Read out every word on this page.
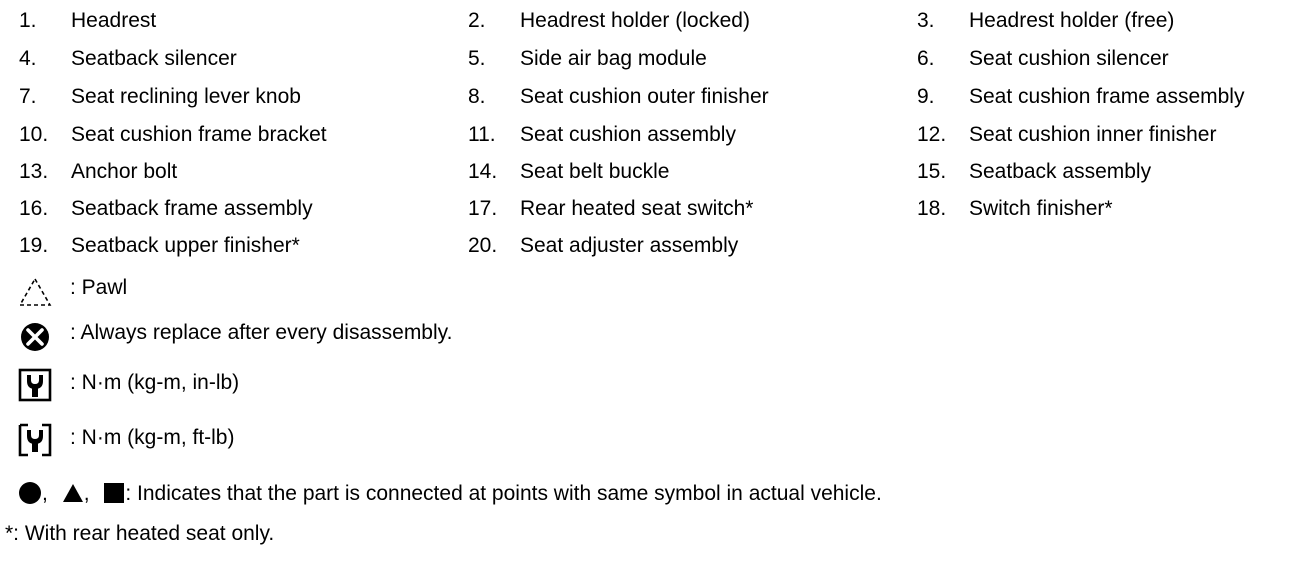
1. Headrest	2. Headrest holder (locked)	3. Headrest holder (free)
4. Seatback silencer	5. Side air bag module	6. Seat cushion silencer
7. Seat reclining lever knob	8. Seat cushion outer finisher	9. Seat cushion frame assembly
10. Seat cushion frame bracket	11. Seat cushion assembly	12. Seat cushion inner finisher
13. Anchor bolt	14. Seat belt buckle	15. Seatback assembly
16. Seatback frame assembly	17. Rear heated seat switch*	18. Switch finisher*
19. Seatback upper finisher*	20. Seat adjuster assembly
: Pawl
: Always replace after every disassembly.
: N·m (kg-m, in-lb)
: N·m (kg-m, ft-lb)
, , : Indicates that the part is connected at points with same symbol in actual vehicle.
*: With rear heated seat only.
